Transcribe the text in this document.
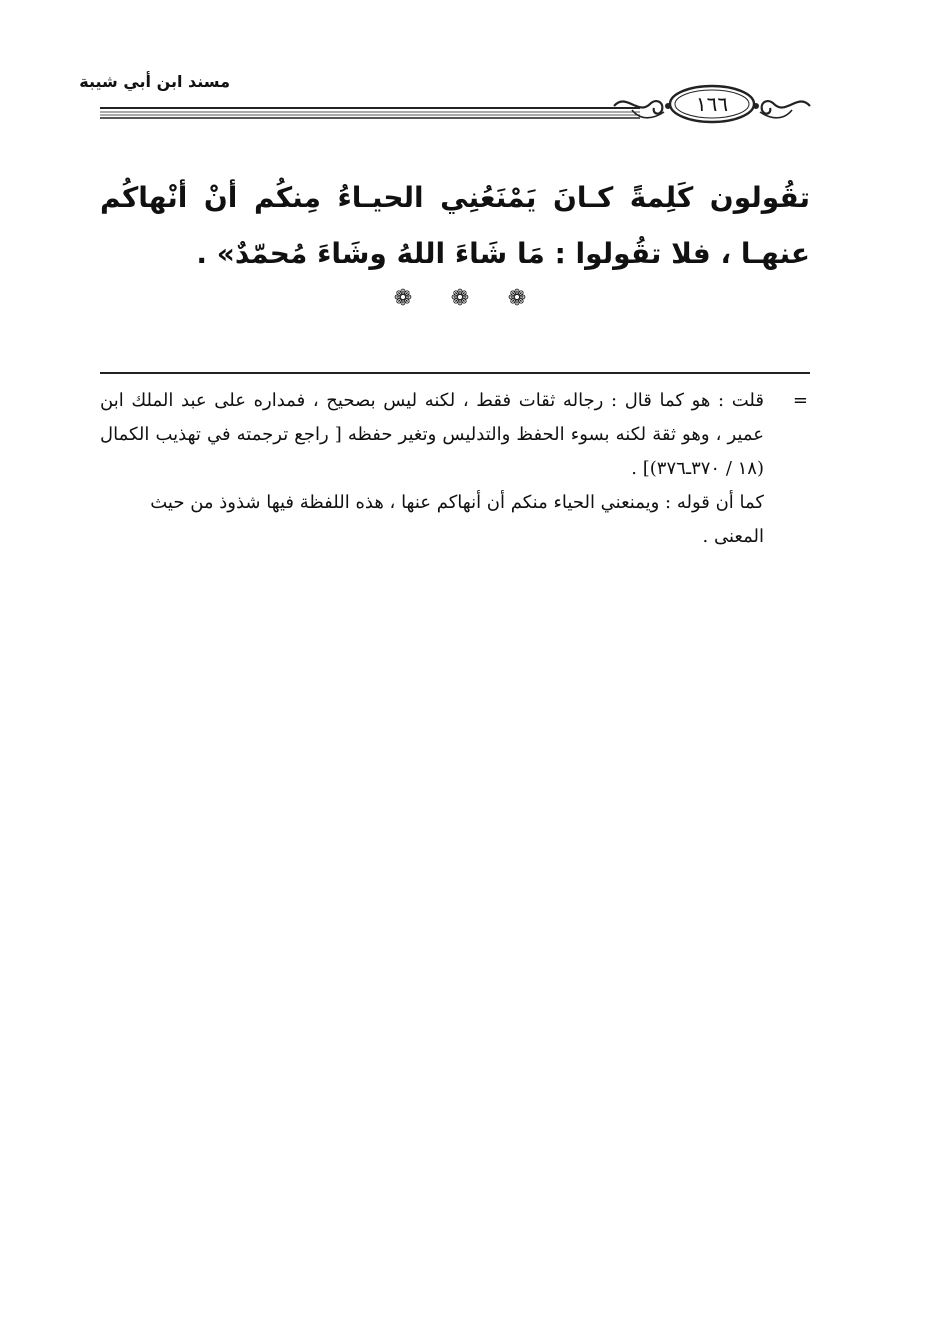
مسند ابن أبي شيبة
١٦٦
تقُولون كَلِمةً كـانَ يَمْنَعُنِي الحيـاءُ مِنكُم أنْ أنْهاكُم عنهـا ، فلا تقُولوا : مَا شَاءَ اللهُ وشَاءَ مُحمّدٌ» .
❁ ❁ ❁
=
قلت : هو كما قال : رجاله ثقات فقط ، لكنه ليس بصحيح ، فمداره على عبد الملك ابن عمير ، وهو ثقة لكنه بسوء الحفظ والتدليس وتغير حفظه [ راجع ترجمته في تهذيب الكمال (١٨ / ٣٧٠ـ٣٧٦)] .
كما أن قوله : ويمنعني الحياء منكم أن أنهاكم عنها ، هذه اللفظة فيها شذوذ من حيث المعنى .
